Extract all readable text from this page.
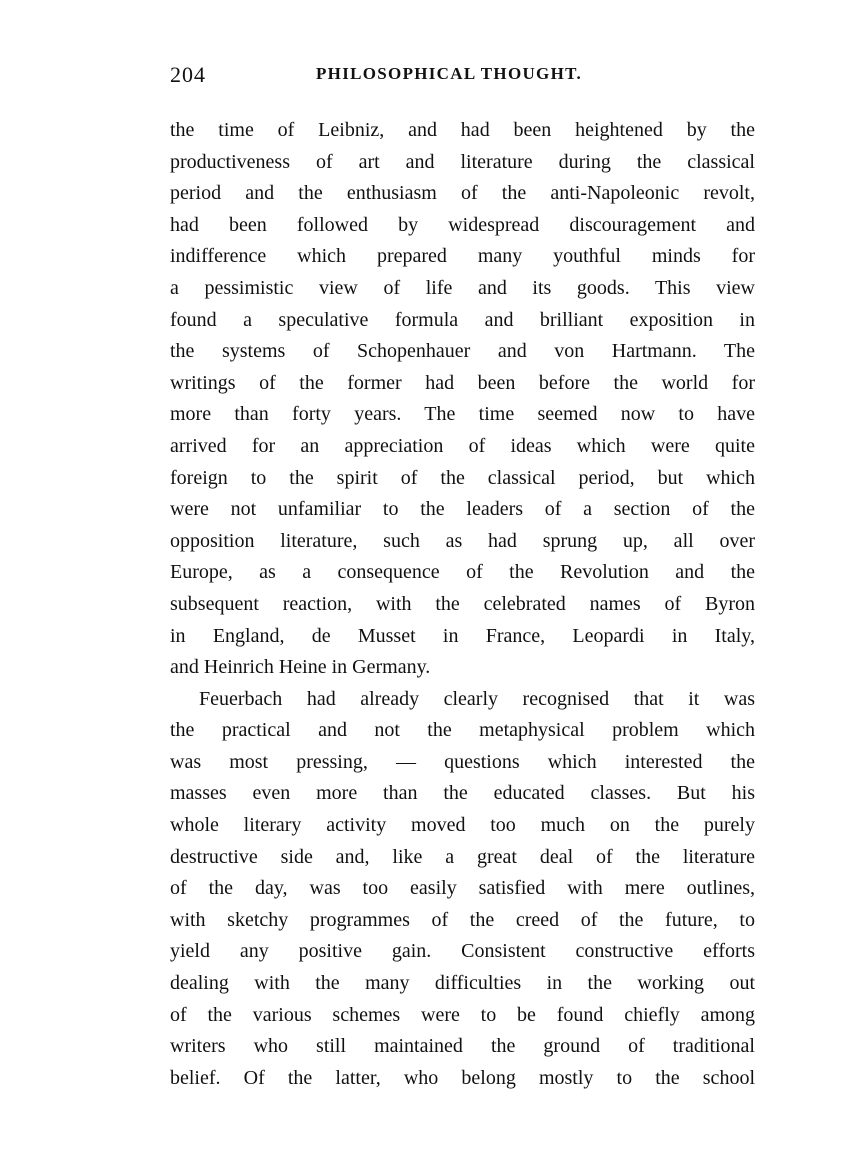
204	PHILOSOPHICAL THOUGHT.

the time of Leibniz, and had been heightened by the
productiveness of art and literature during the classical
period and the enthusiasm of the anti-Napoleonic revolt,
had been followed by widespread discouragement and
indifference which prepared many youthful minds for
a pessimistic view of life and its goods. This view
found a speculative formula and brilliant exposition in
the systems of Schopenhauer and von Hartmann. The
writings of the former had been before the world for
more than forty years. The time seemed now to have
arrived for an appreciation of ideas which were quite
foreign to the spirit of the classical period, but which
were not unfamiliar to the leaders of a section of the
opposition literature, such as had sprung up, all over
Europe, as a consequence of the Revolution and the
subsequent reaction, with the celebrated names of Byron
in England, de Musset in France, Leopardi in Italy,
and Heinrich Heine in Germany.

Feuerbach had already clearly recognised that it was
the practical and not the metaphysical problem which
was most pressing, — questions which interested the
masses even more than the educated classes. But his
whole literary activity moved too much on the purely
destructive side and, like a great deal of the literature
of the day, was too easily satisfied with mere outlines,
with sketchy programmes of the creed of the future, to
yield any positive gain. Consistent constructive efforts
dealing with the many difficulties in the working out
of the various schemes were to be found chiefly among
writers who still maintained the ground of traditional
belief. Of the latter, who belong mostly to the school
